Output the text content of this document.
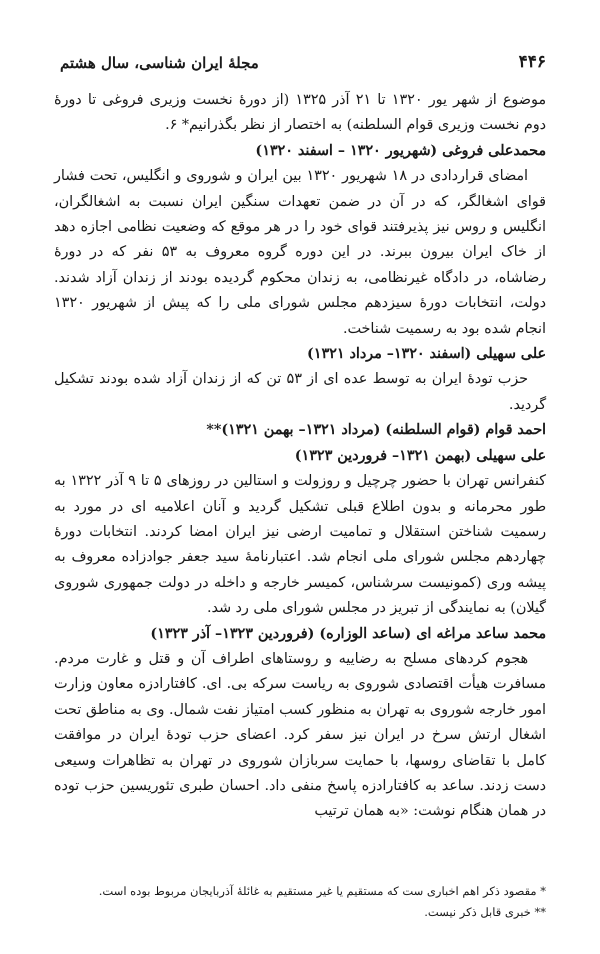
۴۴۶
مجلهٔ ایران شناسی، سال هشتم

موضوع از شهر یور ۱۳۲۰ تا ۲۱ آذر ۱۳۲۵ (از دورهٔ نخست وزیری فروغی تا دورهٔ دوم نخست وزیری قوام السلطنه) به اختصار از نظر بگذرانیم* ۶.

محمدعلی فروغی (شهریور ۱۳۲۰ – اسفند ۱۳۲۰)

امضای قراردادی در ۱۸ شهریور ۱۳۲۰ بین ایران و شوروی و انگلیس، تحت فشار قوای اشغالگر، که در آن در ضمن تعهدات سنگین ایران نسبت به اشغالگران، انگلیس و روس نیز پذیرفتند قوای خود را در هر موقع که وضعیت نظامی اجازه دهد از خاک ایران بیرون ببرند. در این دوره گروه معروف به ۵۳ نفر که در دورهٔ رضاشاه، در دادگاه غیرنظامی، به زندان محکوم گردیده بودند از زندان آزاد شدند. دولت، انتخابات دورهٔ سیزدهم مجلس شورای ملی را که پیش از شهریور ۱۳۲۰ انجام شده بود به رسمیت شناخت.

علی سهیلی (اسفند ۱۳۲۰– مرداد ۱۳۲۱)

حزب تودهٔ ایران به توسط عده ای از ۵۳ تن که از زندان آزاد شده بودند تشکیل گردید.

احمد قوام (قوام السلطنه) (مرداد ۱۳۲۱– بهمن ۱۳۲۱)**

علی سهیلی (بهمن ۱۳۲۱– فروردین ۱۳۲۳)

کنفرانس تهران با حضور چرچیل و روزولت و استالین در روزهای ۵ تا ۹ آذر ۱۳۲۲ به طور محرمانه و بدون اطلاع قبلی تشکیل گردید و آنان اعلامیه ای در مورد به رسمیت شناختن استقلال و تمامیت ارضی نیز ایران امضا کردند. انتخابات دورهٔ چهاردهم مجلس شورای ملی انجام شد. اعتبارنامهٔ سید جعفر جوادزاده معروف به پیشه وری (کمونیست سرشناس، کمیسر خارجه و داخله در دولت جمهوری شوروی گیلان) به نمایندگی از تبریز در مجلس شورای ملی رد شد.

محمد ساعد مراغه ای (ساعد الوزاره) (فروردین ۱۳۲۳– آذر ۱۳۲۳)

هجوم کردهای مسلح به رضاییه و روستاهای اطراف آن و قتل و غارت مردم. مسافرت هیأت اقتصادی شوروی به ریاست سرکه بی. ای. کافتارادزه معاون وزارت امور خارجه شوروی به تهران به منظور کسب امتیاز نفت شمال. وی به مناطق تحت اشغال ارتش سرخ در ایران نیز سفر کرد. اعضای حزب تودهٔ ایران در موافقت کامل با تقاضای روسها، با حمایت سربازان شوروی در تهران به تظاهرات وسیعی دست زدند. ساعد به کافتارادزه پاسخ منفی داد. احسان طبری تئوریسین حزب توده در همان هنگام نوشت: «به همان ترتیب

* مقصود ذکر اهم اخباری ست که مستقیم یا غیر مستقیم به غائلهٔ آذربایجان مربوط بوده است.

** خبری قابل ذکر نیست.
